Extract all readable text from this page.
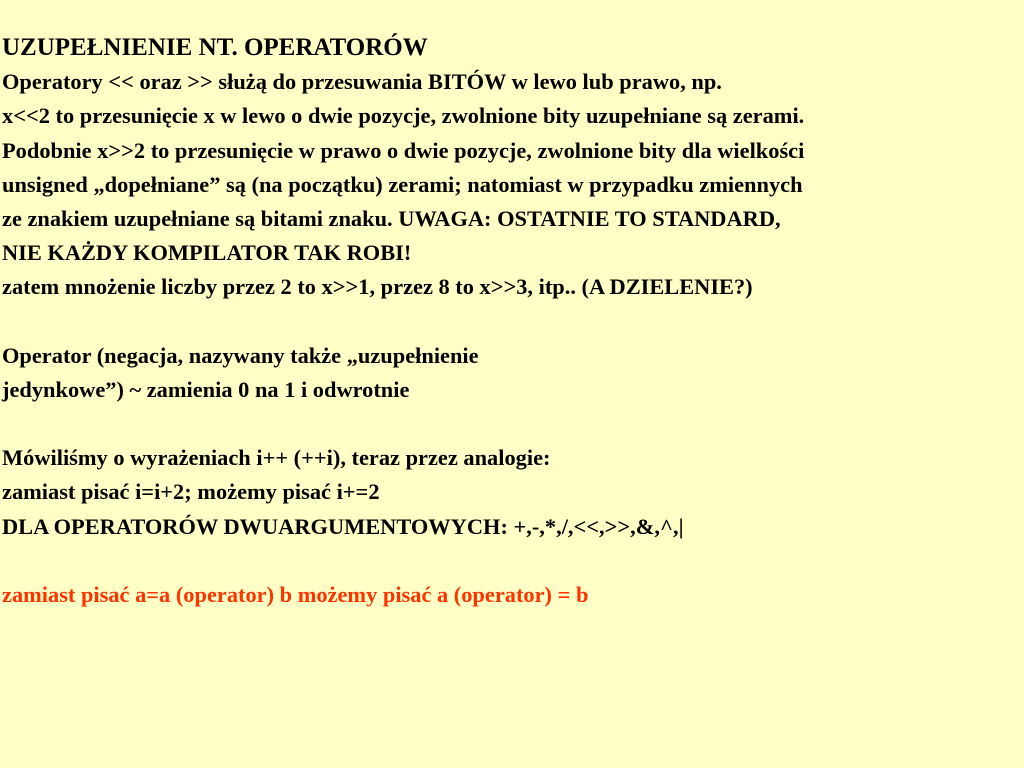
UZUPEŁNIENIE NT. OPERATORÓW
Operatory << oraz >> służą do przesuwania BITÓW w lewo lub prawo, np.
x<<2 to przesunięcie x w lewo o dwie pozycje, zwolnione bity uzupełniane są zerami.
Podobnie x>>2 to przesunięcie w prawo o dwie pozycje, zwolnione bity dla wielkości
unsigned „dopełniane” są (na początku) zerami; natomiast w przypadku zmiennych
ze znakiem uzupełniane są bitami znaku. UWAGA: OSTATNIE TO STANDARD,
NIE KAŻDY KOMPILATOR TAK ROBI!
zatem mnożenie liczby przez 2 to x>>1, przez 8 to x>>3, itp.. (A DZIELENIE?)
Operator (negacja, nazywany także „uzupełnienie
jedynkowe”) ~ zamienia 0 na 1 i odwrotnie
Mówiliśmy o wyrażeniach i++ (++i), teraz przez analogie:
zamiast pisać i=i+2; możemy pisać i+=2
DLA OPERATORÓW DWUARGUMENTOWYCH: +,-,*,/,<<,>>,&,^,|
zamiast pisać a=a (operator) b możemy pisać a (operator) = b
